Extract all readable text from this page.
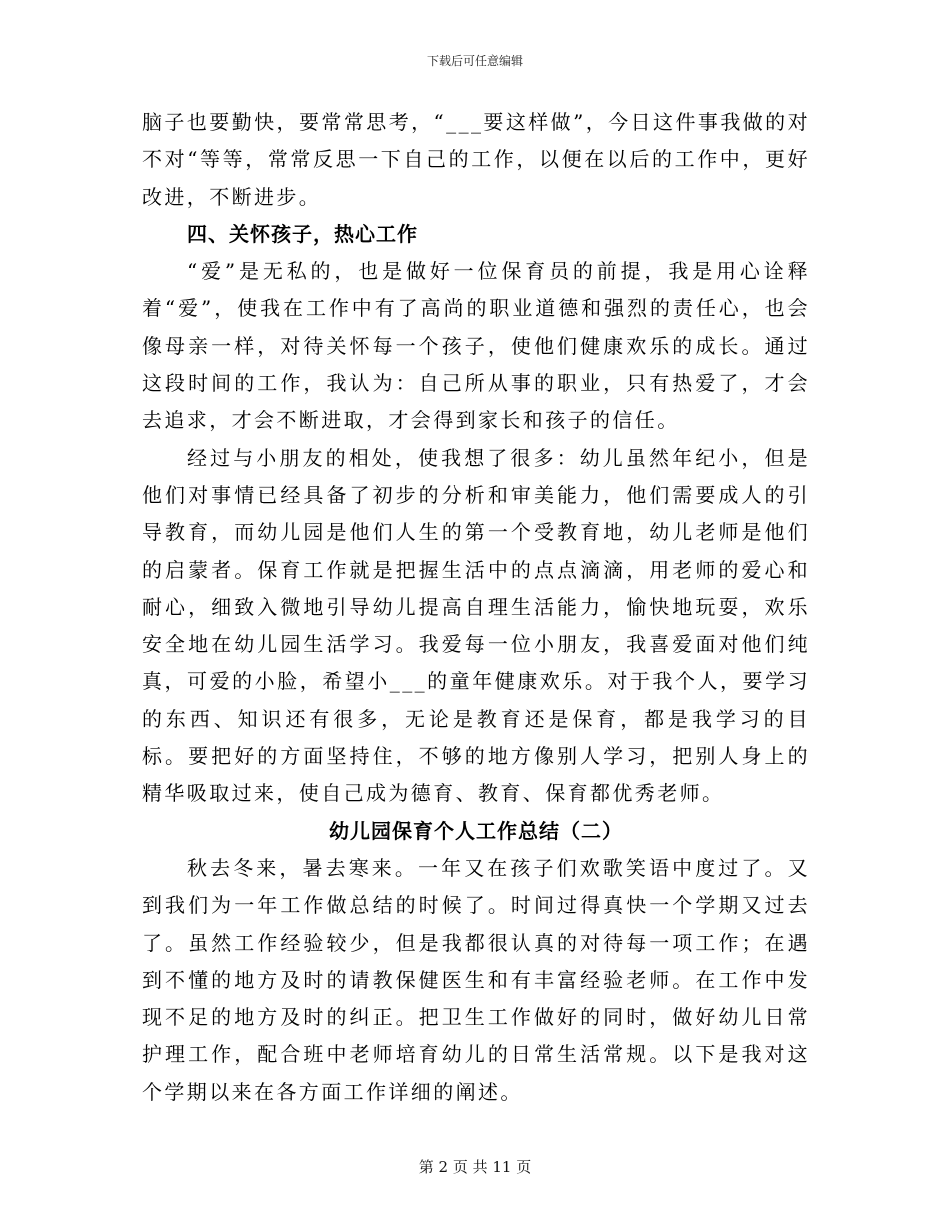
下载后可任意编辑

脑子也要勤快，要常常思考，“___要这样做”，今日这件事我做的对不对“等等，常常反思一下自己的工作，以便在以后的工作中，更好改进，不断进步。

四、关怀孩子，热心工作

“爱”是无私的，也是做好一位保育员的前提，我是用心诠释着“爱”，使我在工作中有了高尚的职业道德和强烈的责任心，也会像母亲一样，对待关怀每一个孩子，使他们健康欢乐的成长。通过这段时间的工作，我认为：自己所从事的职业，只有热爱了，才会去追求，才会不断进取，才会得到家长和孩子的信任。

经过与小朋友的相处，使我想了很多：幼儿虽然年纪小，但是他们对事情已经具备了初步的分析和审美能力，他们需要成人的引导教育，而幼儿园是他们人生的第一个受教育地，幼儿老师是他们的启蒙者。保育工作就是把握生活中的点点滴滴，用老师的爱心和耐心，细致入微地引导幼儿提高自理生活能力，愉快地玩耍，欢乐安全地在幼儿园生活学习。我爱每一位小朋友，我喜爱面对他们纯真，可爱的小脸，希望小___的童年健康欢乐。对于我个人，要学习的东西、知识还有很多，无论是教育还是保育，都是我学习的目标。要把好的方面坚持住，不够的地方像别人学习，把别人身上的精华吸取过来，使自己成为德育、教育、保育都优秀老师。

幼儿园保育个人工作总结（二）

秋去冬来，暑去寒来。一年又在孩子们欢歌笑语中度过了。又到我们为一年工作做总结的时候了。时间过得真快一个学期又过去了。虽然工作经验较少，但是我都很认真的对待每一项工作；在遇到不懂的地方及时的请教保健医生和有丰富经验老师。在工作中发现不足的地方及时的纠正。把卫生工作做好的同时，做好幼儿日常护理工作，配合班中老师培育幼儿的日常生活常规。以下是我对这个学期以来在各方面工作详细的阐述。

第 2 页 共 11 页
